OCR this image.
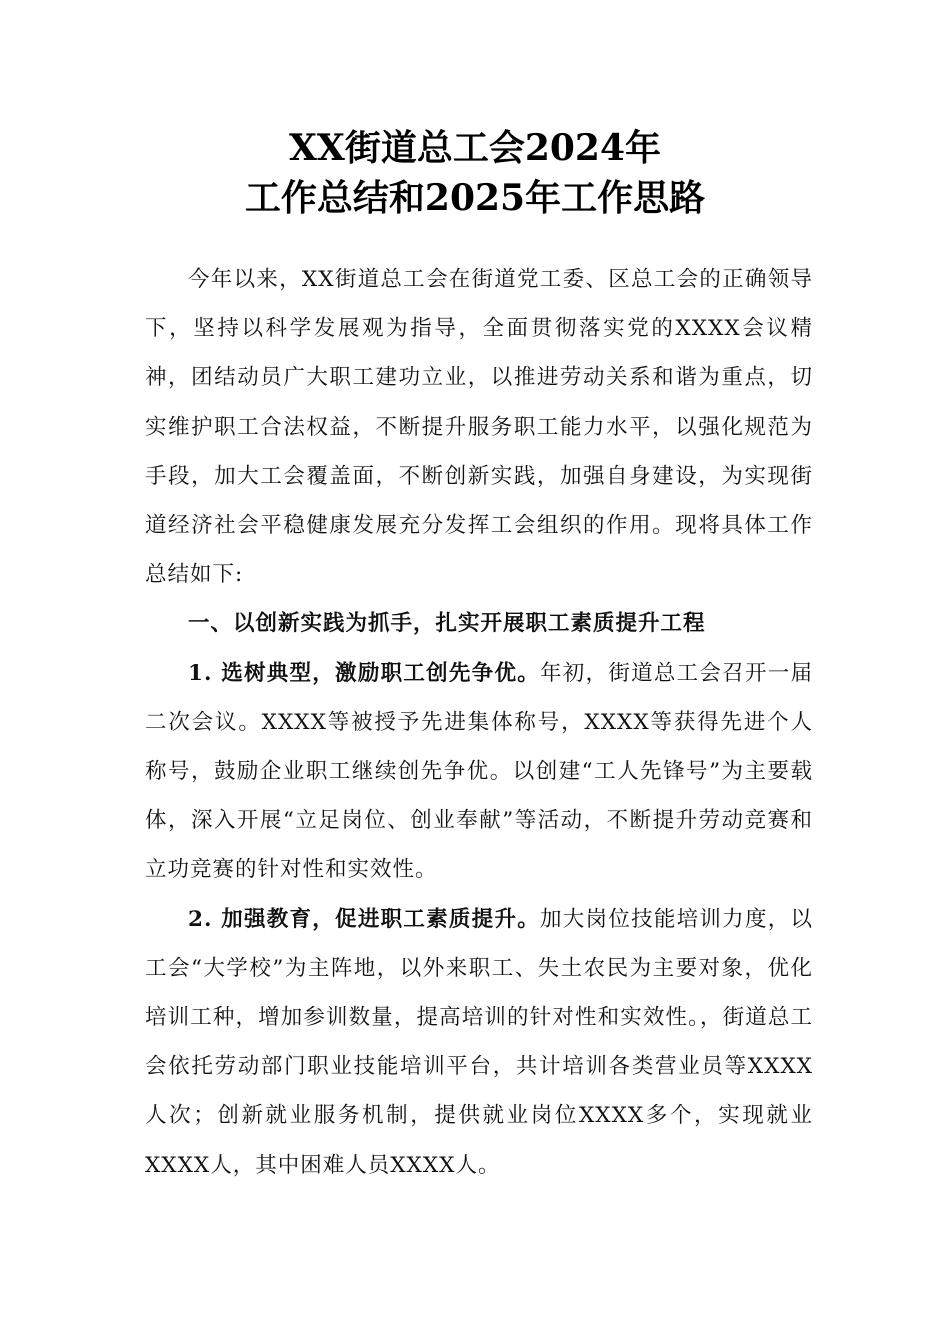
XX街道总工会2024年
工作总结和2025年工作思路

今年以来，XX街道总工会在街道党工委、区总工会的正确领导下，坚持以科学发展观为指导，全面贯彻落实党的XXXX会议精神，团结动员广大职工建功立业，以推进劳动关系和谐为重点，切实维护职工合法权益，不断提升服务职工能力水平，以强化规范为手段，加大工会覆盖面，不断创新实践，加强自身建设，为实现街道经济社会平稳健康发展充分发挥工会组织的作用。现将具体工作总结如下:

一、以创新实践为抓手，扎实开展职工素质提升工程

1. 选树典型，激励职工创先争优。年初，街道总工会召开一届二次会议。XXXX等被授予先进集体称号，XXXX等获得先进个人称号，鼓励企业职工继续创先争优。以创建“工人先锋号”为主要载体，深入开展“立足岗位、创业奉献”等活动，不断提升劳动竞赛和立功竞赛的针对性和实效性。

2. 加强教育，促进职工素质提升。加大岗位技能培训力度，以工会“大学校”为主阵地，以外来职工、失土农民为主要对象，优化培训工种，增加参训数量，提高培训的针对性和实效性。，街道总工会依托劳动部门职业技能培训平台，共计培训各类营业员等XXXX人次；创新就业服务机制，提供就业岗位XXXX多个，实现就业XXXX人，其中困难人员XXXX人。
